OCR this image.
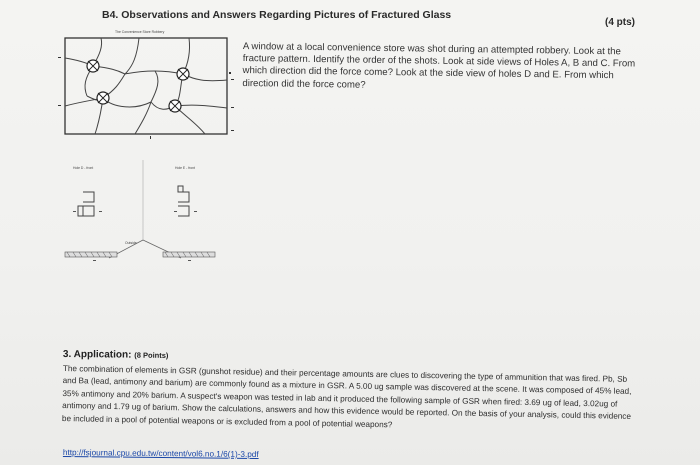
B4. Observations and Answers Regarding Pictures of Fractured Glass
(4 pts)
The Convenience Store Robbery
Hole D - front	Hole E - front
Outside
A window at a local convenience store was shot during an attempted robbery. Look at the fracture pattern. Identify the order of the shots. Look at side views of Holes A, B and C. From which direction did the force come? Look at the side view of holes D and E. From which direction did the force come?
3. Application: (8 Points)
The combination of elements in GSR (gunshot residue) and their percentage amounts are clues to discovering the type of ammunition that was fired. Pb, Sb and Ba (lead, antimony and barium) are commonly found as a mixture in GSR. A 5.00 ug sample was discovered at the scene. It was composed of 45% lead, 35% antimony and 20% barium. A suspect's weapon was tested in lab and it produced the following sample of GSR when fired: 3.69 ug of lead, 3.02ug of antimony and 1.79 ug of barium. Show the calculations, answers and how this evidence would be reported. On the basis of your analysis, could this evidence be included in a pool of potential weapons or is excluded from a pool of potential weapons?
http://fsjournal.cpu.edu.tw/content/vol6.no.1/6(1)-3.pdf
